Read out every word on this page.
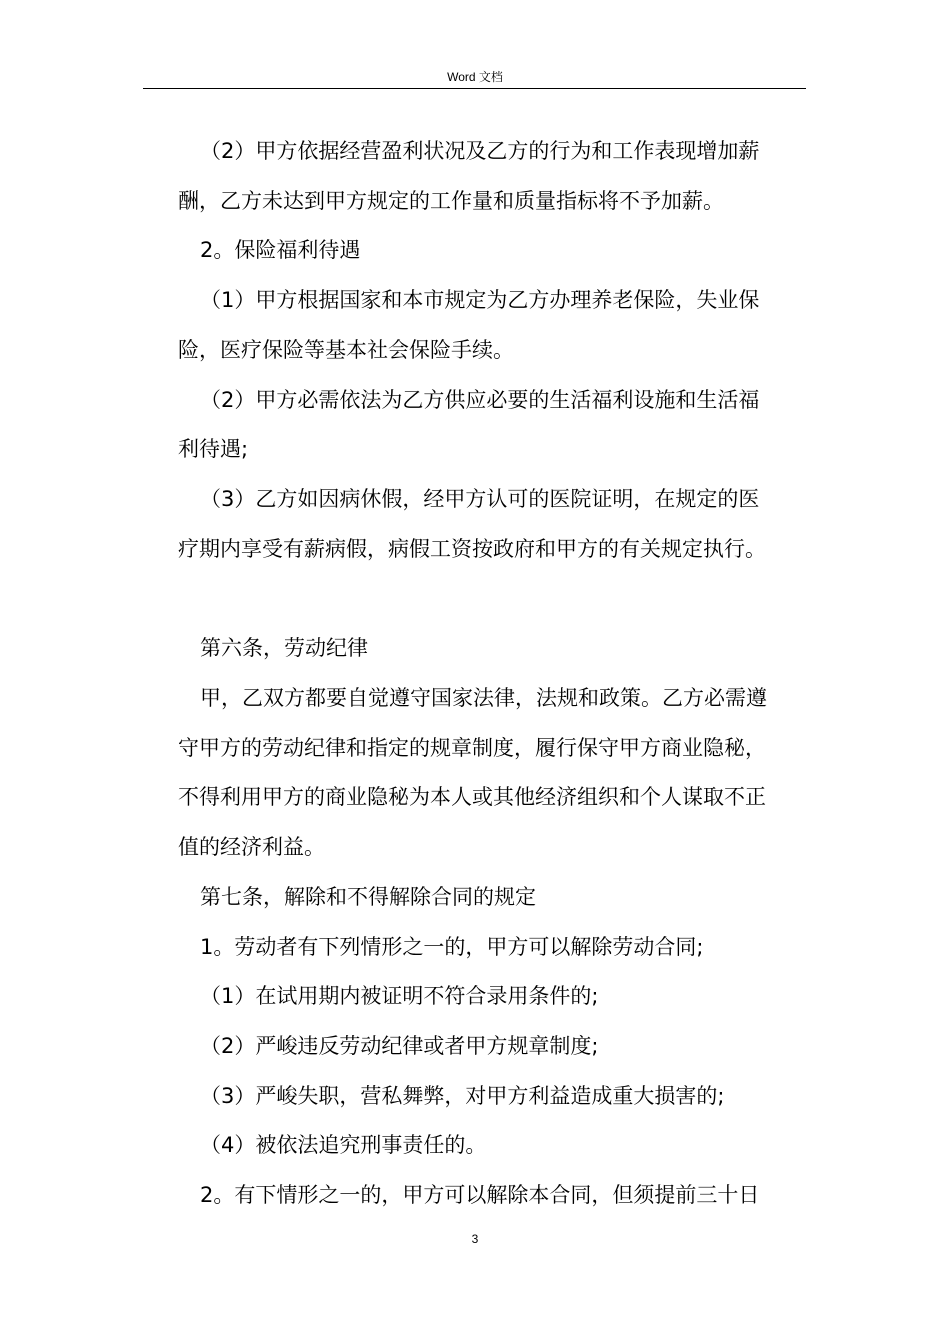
Word 文档

（2）甲方依据经营盈利状况及乙方的行为和工作表现增加薪

酬，乙方未达到甲方规定的工作量和质量指标将不予加薪。

2。保险福利待遇

（1）甲方根据国家和本市规定为乙方办理养老保险，失业保

险，医疗保险等基本社会保险手续。

（2）甲方必需依法为乙方供应必要的生活福利设施和生活福

利待遇;

（3）乙方如因病休假，经甲方认可的医院证明，在规定的医

疗期内享受有薪病假，病假工资按政府和甲方的有关规定执行。

第六条，劳动纪律

甲，乙双方都要自觉遵守国家法律，法规和政策。乙方必需遵

守甲方的劳动纪律和指定的规章制度，履行保守甲方商业隐秘，

不得利用甲方的商业隐秘为本人或其他经济组织和个人谋取不正

值的经济利益。

第七条，解除和不得解除合同的规定

1。劳动者有下列情形之一的，甲方可以解除劳动合同;

（1）在试用期内被证明不符合录用条件的;

（2）严峻违反劳动纪律或者甲方规章制度;

（3）严峻失职，营私舞弊，对甲方利益造成重大损害的;

（4）被依法追究刑事责任的。

2。有下情形之一的，甲方可以解除本合同，但须提前三十日

3
